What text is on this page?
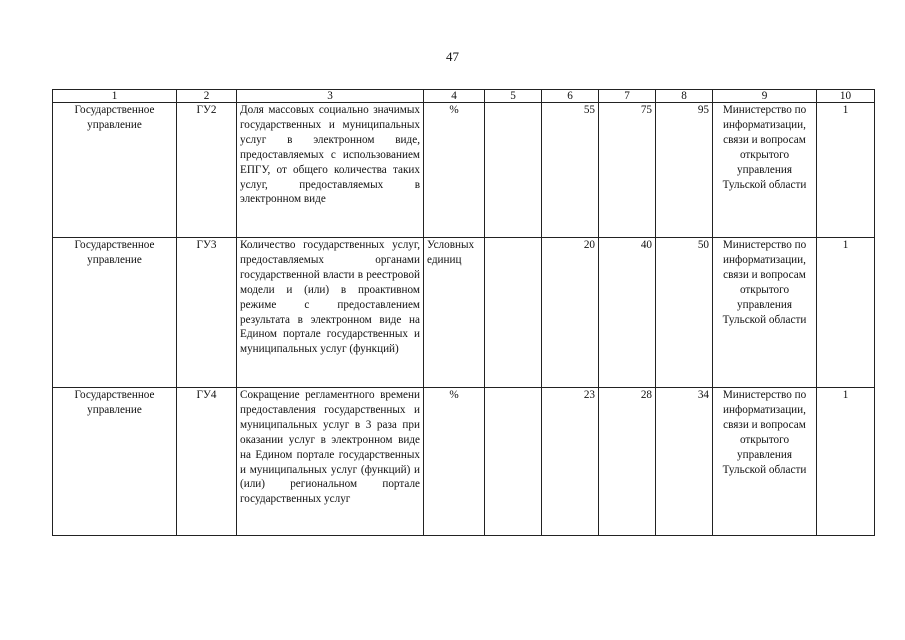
47
1	2	3	4	5	6	7	8	9	10
Государственное управление	ГУ2	Доля массовых социально значимых государственных и муниципальных услуг в электронном виде, предоставляемых с использованием ЕПГУ, от общего количества таких услуг, предоставляемых в электронном виде	%		55	75	95	Министерство по информатизации, связи и вопросам открытого управления Тульской области	1
Государственное управление	ГУ3	Количество государственных услуг, предоставляемых органами государственной власти в реестровой модели и (или) в проактивном режиме с предоставлением результата в электронном виде на Едином портале государственных и муниципальных услуг (функций)	Условных единиц		20	40	50	Министерство по информатизации, связи и вопросам открытого управления Тульской области	1
Государственное управление	ГУ4	Сокращение регламентного времени предоставления государственных и муниципальных услуг в 3 раза при оказании услуг в электронном виде на Едином портале государственных и муниципальных услуг (функций) и (или) региональном портале государственных услуг	%		23	28	34	Министерство по информатизации, связи и вопросам открытого управления Тульской области	1
